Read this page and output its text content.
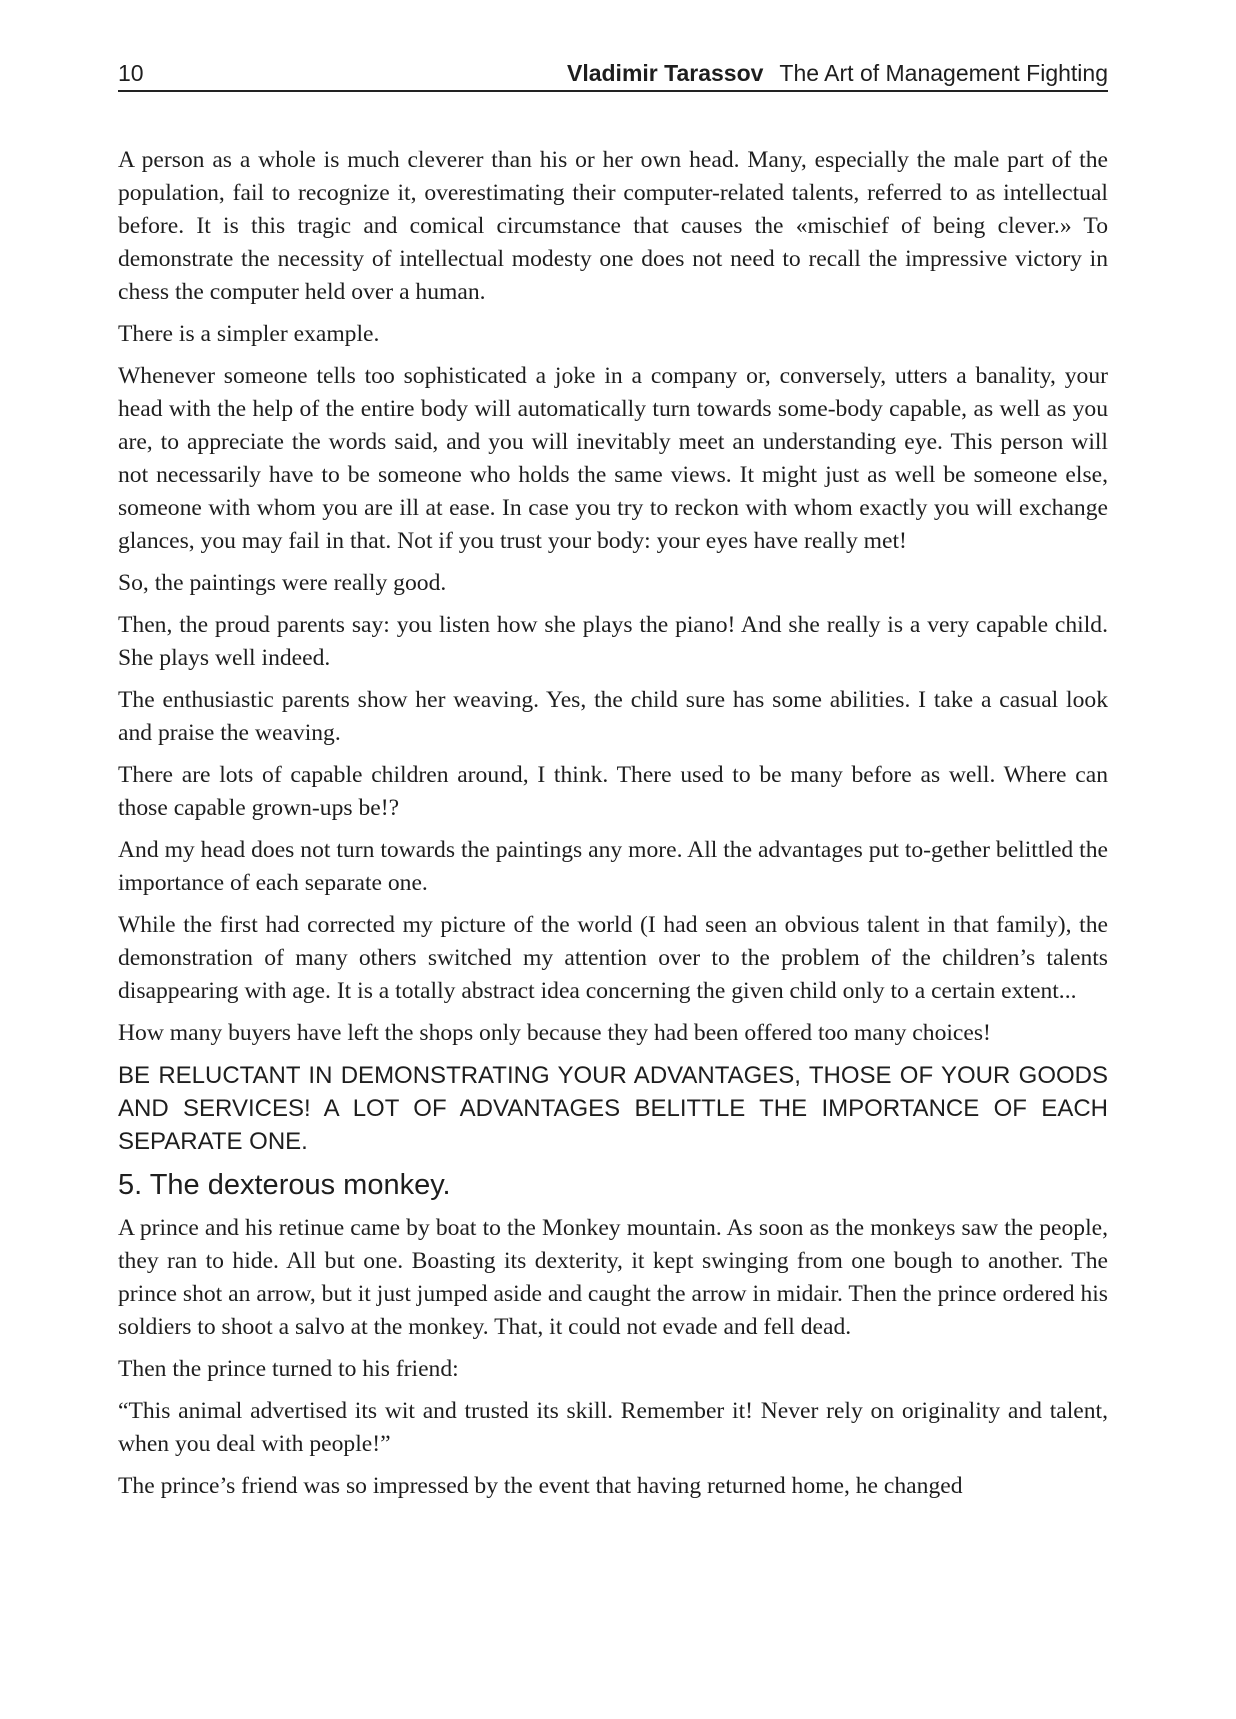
10	Vladimir Tarassov The Art of Management Fighting

A person as a whole is much cleverer than his or her own head. Many, especially the male part of the population, fail to recognize it, overestimating their computer-related talents, referred to as intellectual before. It is this tragic and comical circumstance that causes the «mischief of being clever.» To demonstrate the necessity of intellectual modesty one does not need to recall the impressive victory in chess the computer held over a human.

There is a simpler example.

Whenever someone tells too sophisticated a joke in a company or, conversely, utters a banality, your head with the help of the entire body will automatically turn towards some-body capable, as well as you are, to appreciate the words said, and you will inevitably meet an understanding eye. This person will not necessarily have to be someone who holds the same views. It might just as well be someone else, someone with whom you are ill at ease. In case you try to reckon with whom exactly you will exchange glances, you may fail in that. Not if you trust your body: your eyes have really met!

So, the paintings were really good.

Then, the proud parents say: you listen how she plays the piano! And she really is a very capable child. She plays well indeed.

The enthusiastic parents show her weaving. Yes, the child sure has some abilities. I take a casual look and praise the weaving.

There are lots of capable children around, I think. There used to be many before as well. Where can those capable grown-ups be!?

And my head does not turn towards the paintings any more. All the advantages put to-gether belittled the importance of each separate one.

While the first had corrected my picture of the world (I had seen an obvious talent in that family), the demonstration of many others switched my attention over to the problem of the children’s talents disappearing with age. It is a totally abstract idea concerning the given child only to a certain extent...

How many buyers have left the shops only because they had been offered too many choices!

BE RELUCTANT IN DEMONSTRATING YOUR ADVANTAGES, THOSE OF YOUR GOODS AND SERVICES! A LOT OF ADVANTAGES BELITTLE THE IMPORTANCE OF EACH SEPARATE ONE.

5. The dexterous monkey.

A prince and his retinue came by boat to the Monkey mountain. As soon as the monkeys saw the people, they ran to hide. All but one. Boasting its dexterity, it kept swinging from one bough to another. The prince shot an arrow, but it just jumped aside and caught the arrow in midair. Then the prince ordered his soldiers to shoot a salvo at the monkey. That, it could not evade and fell dead.

Then the prince turned to his friend:

“This animal advertised its wit and trusted its skill. Remember it! Never rely on originality and talent, when you deal with people!”

The prince’s friend was so impressed by the event that having returned home, he changed
